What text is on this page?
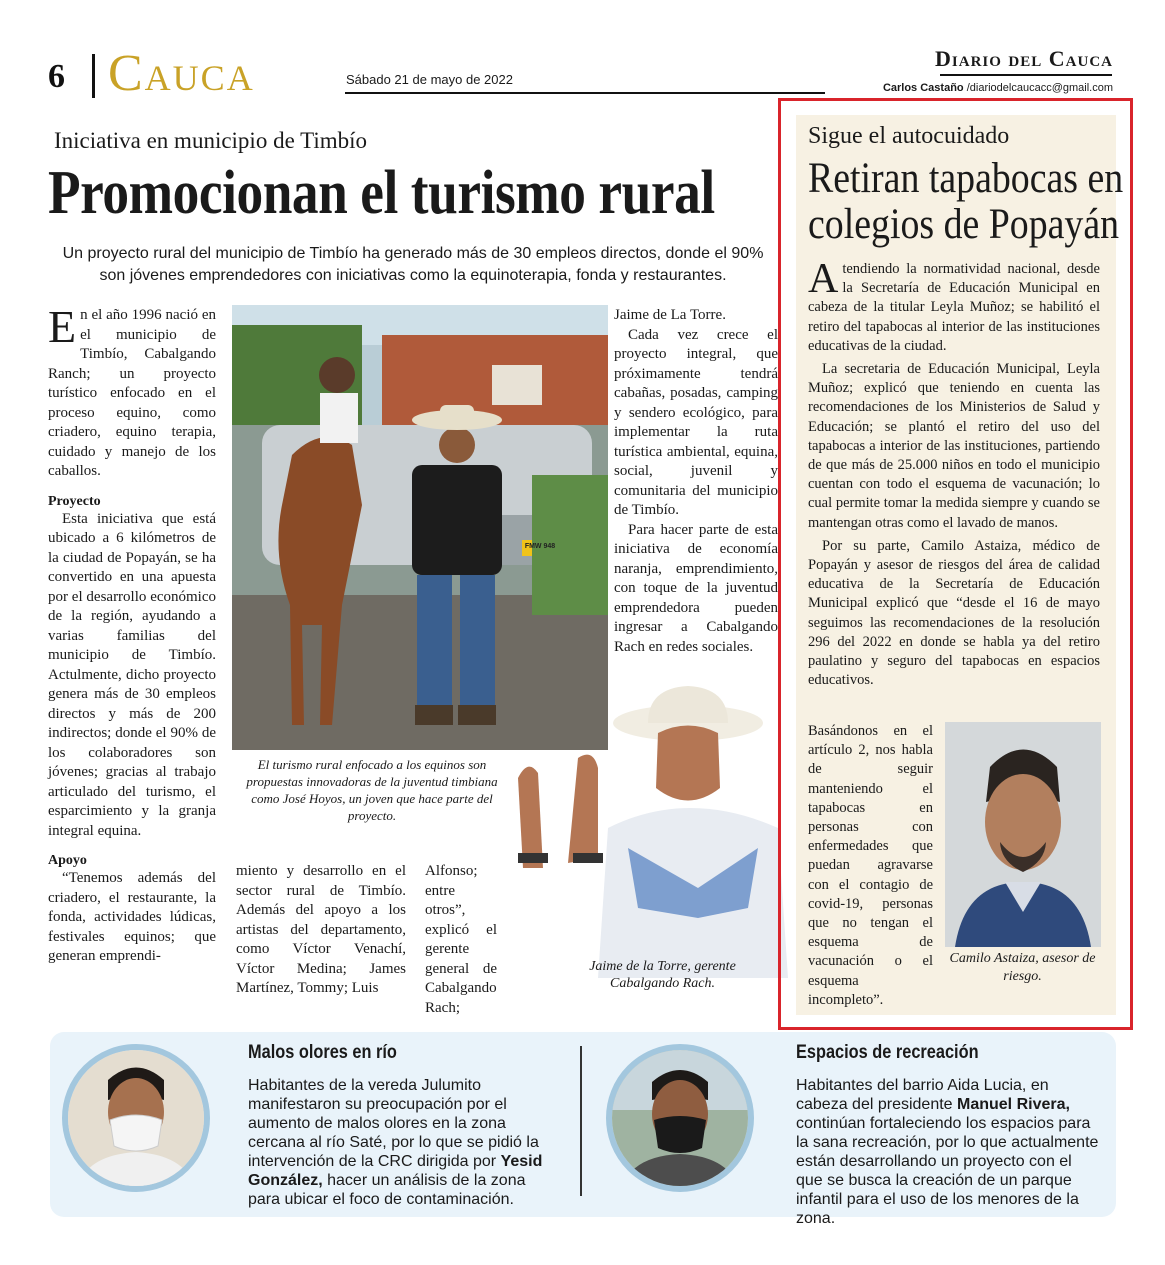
6 Cauca	Sábado 21 de mayo de 2022
Diario del Cauca
Carlos Castaño /diariodelcaucacc@gmail.com
Iniciativa en municipio de Timbío
Promocionan el turismo rural
Un proyecto rural del municipio de Timbío ha generado más de 30 empleos directos, donde el 90% son jóvenes emprendedores con iniciativas como la equinoterapia, fonda y restaurantes.
E n el año 1996 nació en el municipio de Timbío, Cabalgando Ranch; un proyecto turístico enfocado en el proceso equino, como criadero, equino terapia, cuidado y manejo de los caballos.
Proyecto

Esta iniciativa que está ubicado a 6 kilómetros de la ciudad de Popayán, se ha convertido en una apuesta por el desarrollo económico de la región, ayudando a varias familias del municipio de Timbío. Actulmente, dicho proyecto genera más de 30 empleos directos y más de 200 indirectos; donde el 90% de los colaboradores son jóvenes; gracias al trabajo articulado del turismo, el esparcimiento y la granja integral equina.

Apoyo

“Tenemos además del criadero, el restaurante, la fonda, actividades lúdicas, festivales equinos; que generan emprendi-

FMW 948
El turismo rural enfocado a los equinos son propuestas innovadoras de la juventud timbiana como José Hoyos, un joven que hace parte del proyecto.
miento y desarrollo en el sector rural de Timbío. Además del apoyo a los artistas del departamento, como Víctor Venachí, Víctor Medina; James Martínez, Tommy; Luis
Alfonso; entre otros”, explicó el gerente general de Cabalgando Rach;
Jaime de La Torre.

Cada vez crece el proyecto integral, que próximamente tendrá cabañas, posadas, camping y sendero ecológico, para implementar la ruta turística ambiental, equina, social, juvenil y comunitaria del municipio de Timbío.

Para hacer parte de esta iniciativa de economía naranja, emprendimiento, con toque de la juventud emprendedora pueden ingresar a Cabalgando Rach en redes sociales.

Jaime de la Torre, gerente Cabalgando Rach.
Sigue el autocuidado
Retiran tapabocas en
colegios de Popayán
A tendiendo la normatividad nacional, desde la Secretaría de Educación Municipal en cabeza de la titular Leyla Muñoz; se habilitó el retiro del tapabocas al interior de las instituciones educativas de la ciudad.

La secretaria de Educación Municipal, Leyla Muñoz; explicó que teniendo en cuenta las recomendaciones de los Ministerios de Salud y Educación; se plantó el retiro del uso del tapabocas a interior de las instituciones, partiendo de que más de 25.000 niños en todo el municipio cuentan con todo el esquema de vacunación; lo cual permite tomar la medida siempre y cuando se mantengan otras como el lavado de manos.

Por su parte, Camilo Astaiza, médico de Popayán y asesor de riesgos del área de calidad educativa de la Secretaría de Educación Municipal explicó que “desde el 16 de mayo seguimos las recomendaciones de la resolución 296 del 2022 en donde se habla ya del retiro paulatino y seguro del tapabocas en espacios educativos.

Basándonos en el artículo 2, nos habla de seguir manteniendo el tapabocas en personas con enfermedades que puedan agravarse con el contagio de covid-19, personas que no tengan el esquema de vacunación o el esquema incompleto”.
Camilo Astaiza, asesor de riesgo.
Malos olores en río
Habitantes de la vereda Julumito manifestaron su preocupación por el aumento de malos olores en la zona cercana al río Saté, por lo que se pidió la intervención de la CRC dirigida por Yesid González, hacer un análisis de la zona para ubicar el foco de contaminación.
Espacios de recreación
Habitantes del barrio Aida Lucia, en cabeza del presidente Manuel Rivera, continúan fortaleciendo los espacios para la sana recreación, por lo que actualmente están desarrollando un proyecto con el que se busca la creación de un parque infantil para el uso de los menores de la zona.
